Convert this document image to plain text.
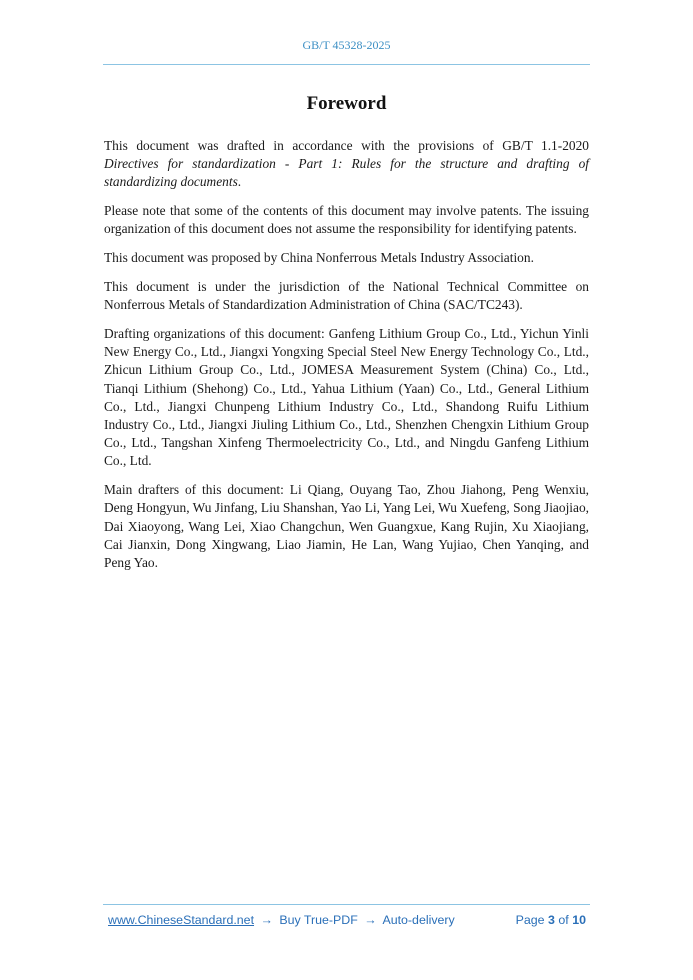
GB/T 45328-2025
Foreword

This document was drafted in accordance with the provisions of GB/T 1.1-2020 Directives for standardization - Part 1: Rules for the structure and drafting of standardizing documents.

Please note that some of the contents of this document may involve patents. The issuing organization of this document does not assume the responsibility for identifying patents.

This document was proposed by China Nonferrous Metals Industry Association.

This document is under the jurisdiction of the National Technical Committee on Nonferrous Metals of Standardization Administration of China (SAC/TC243).

Drafting organizations of this document: Ganfeng Lithium Group Co., Ltd., Yichun Yinli New Energy Co., Ltd., Jiangxi Yongxing Special Steel New Energy Technology Co., Ltd., Zhicun Lithium Group Co., Ltd., JOMESA Measurement System (China) Co., Ltd., Tianqi Lithium (Shehong) Co., Ltd., Yahua Lithium (Yaan) Co., Ltd., General Lithium Co., Ltd., Jiangxi Chunpeng Lithium Industry Co., Ltd., Shandong Ruifu Lithium Industry Co., Ltd., Jiangxi Jiuling Lithium Co., Ltd., Shenzhen Chengxin Lithium Group Co., Ltd., Tangshan Xinfeng Thermoelectricity Co., Ltd., and Ningdu Ganfeng Lithium Co., Ltd.

Main drafters of this document: Li Qiang, Ouyang Tao, Zhou Jiahong, Peng Wenxiu, Deng Hongyun, Wu Jinfang, Liu Shanshan, Yao Li, Yang Lei, Wu Xuefeng, Song Jiaojiao, Dai Xiaoyong, Wang Lei, Xiao Changchun, Wen Guangxue, Kang Rujin, Xu Xiaojiang, Cai Jianxin, Dong Xingwang, Liao Jiamin, He Lan, Wang Yujiao, Chen Yanqing, and Peng Yao.

www.ChineseStandard.net → Buy True-PDF → Auto-delivery	Page 3 of 10
